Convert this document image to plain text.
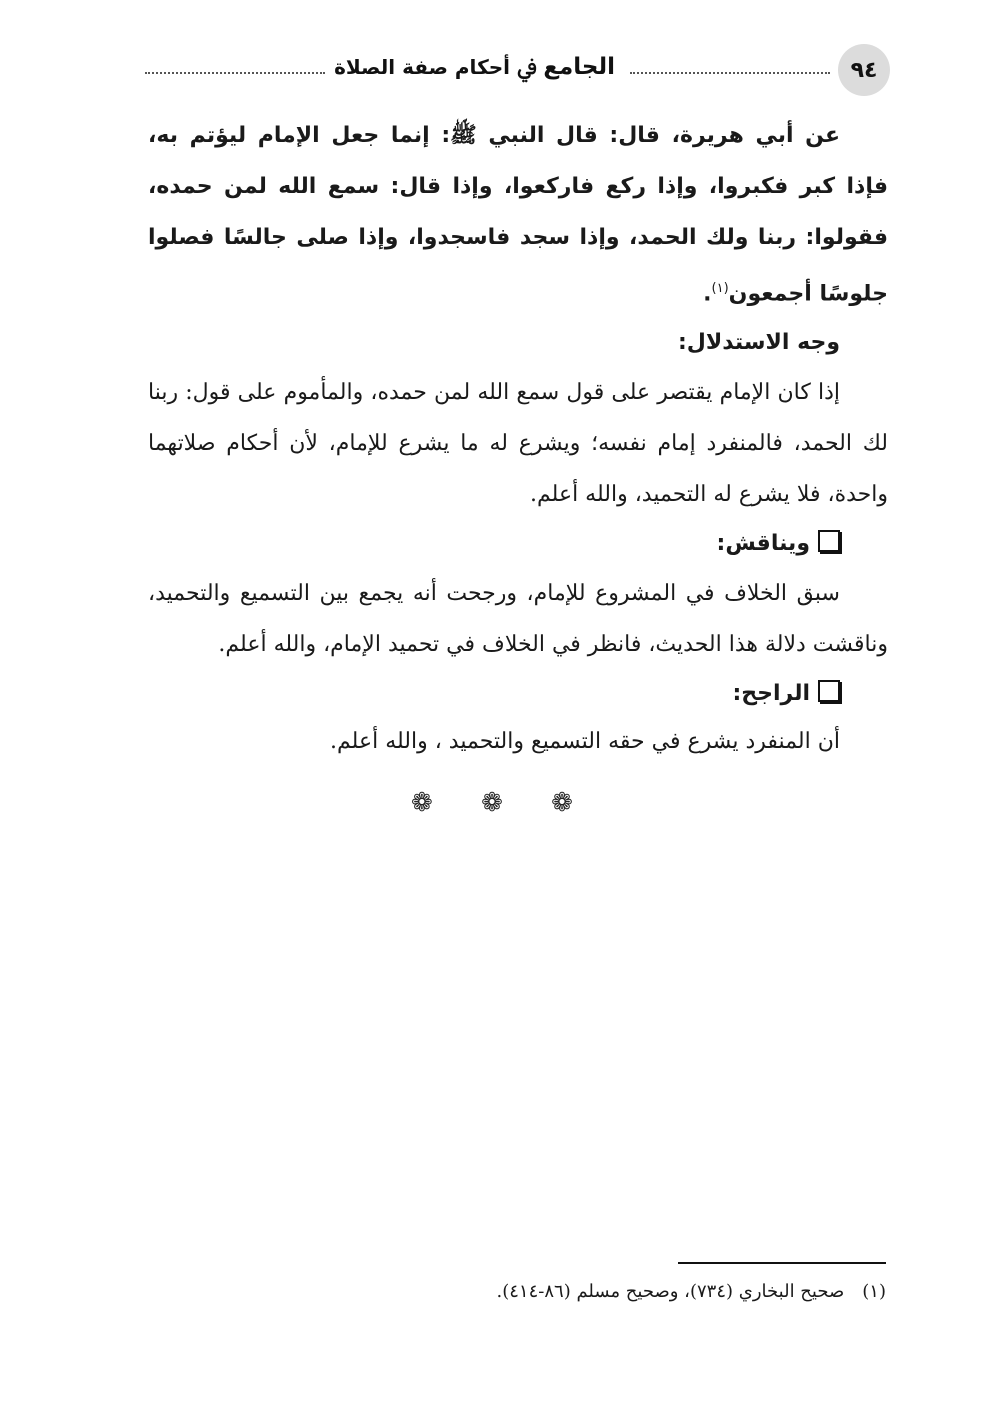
٩٤
الجامع ﰲ أحكام صفة الصلاة

عن أبي هريرة، قال: قال النبي ﷺ: إنما جعل الإمام ليؤتم به، فإذا كبر فكبروا، وإذا ركع فاركعوا، وإذا قال: سمع الله لمن حمده، فقولوا: ربنا ولك الحمد، وإذا سجد فاسجدوا، وإذا صلى جالسًا فصلوا جلوسًا أجمعون$^{(١)}$.

وجه الاستدلال:

إذا كان الإمام يقتصر على قول سمع الله لمن حمده، والمأموم على قول: ربنا لك الحمد، فالمنفرد إمام نفسه؛ ويشرع له ما يشرع للإمام، لأن أحكام صلاتهما واحدة، فلا يشرع له التحميد، والله أعلم.

ويناقش:

سبق الخلاف في المشروع للإمام، ورجحت أنه يجمع بين التسميع والتحميد، وناقشت دلالة هذا الحديث، فانظر في الخلاف في تحميد الإمام، والله أعلم.

الراجح:

أن المنفرد يشرع في حقه التسميع والتحميد ، والله أعلم.

❁ ❁ ❁
(١)صحيح البخاري (٧٣٤)، وصحيح مسلم (٨٦-٤١٤).
